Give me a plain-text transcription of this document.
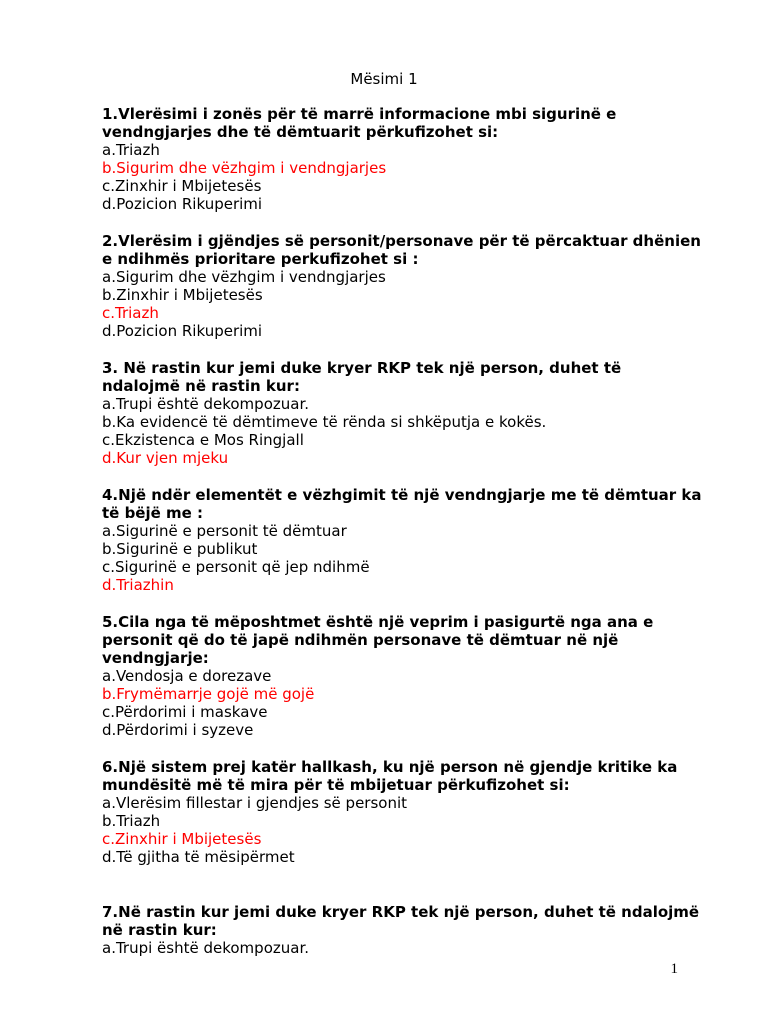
Mësimi 1

1.Vlerësimi i zonës për të marrë informacione mbi sigurinë e vendngjarjes dhe të dëmtuarit përkufizohet si:

a.Triazh

b.Sigurim dhe vëzhgim i vendngjarjes

c.Zinxhir i Mbijetesës

d.Pozicion Rikuperimi

2.Vlerësim i gjëndjes së personit/personave për të përcaktuar dhënien e ndihmës prioritare perkufizohet si :

a.Sigurim dhe vëzhgim i vendngjarjes

b.Zinxhir i Mbijetesës

c.Triazh

d.Pozicion Rikuperimi

3. Në rastin kur jemi duke kryer RKP tek një person, duhet të ndalojmë në rastin kur:

a.Trupi është dekompozuar.

b.Ka evidencë të dëmtimeve të rënda si shkëputja e kokës.

c.Ekzistenca e Mos Ringjall

d.Kur vjen mjeku

4.Një ndër elementët e vëzhgimit të një vendngjarje me të dëmtuar ka të bëjë me :

a.Sigurinë e personit të dëmtuar

b.Sigurinë e publikut

c.Sigurinë e personit që jep ndihmë

d.Triazhin

5.Cila nga të mëposhtmet është një veprim i pasigurtë nga ana e personit që do të japë ndihmën personave të dëmtuar në një vendngjarje:

a.Vendosja e dorezave

b.Frymëmarrje gojë më gojë

c.Përdorimi i maskave

d.Përdorimi i syzeve

6.Një sistem prej katër hallkash, ku një person në gjendje kritike ka mundësitë më të mira për të mbijetuar përkufizohet si:

a.Vlerësim fillestar i gjendjes së personit

b.Triazh

c.Zinxhir i Mbijetesës

d.Të gjitha të mësipërmet

7.Në rastin kur jemi duke kryer RKP tek një person, duhet të ndalojmë në rastin kur:

a.Trupi është dekompozuar.

1
